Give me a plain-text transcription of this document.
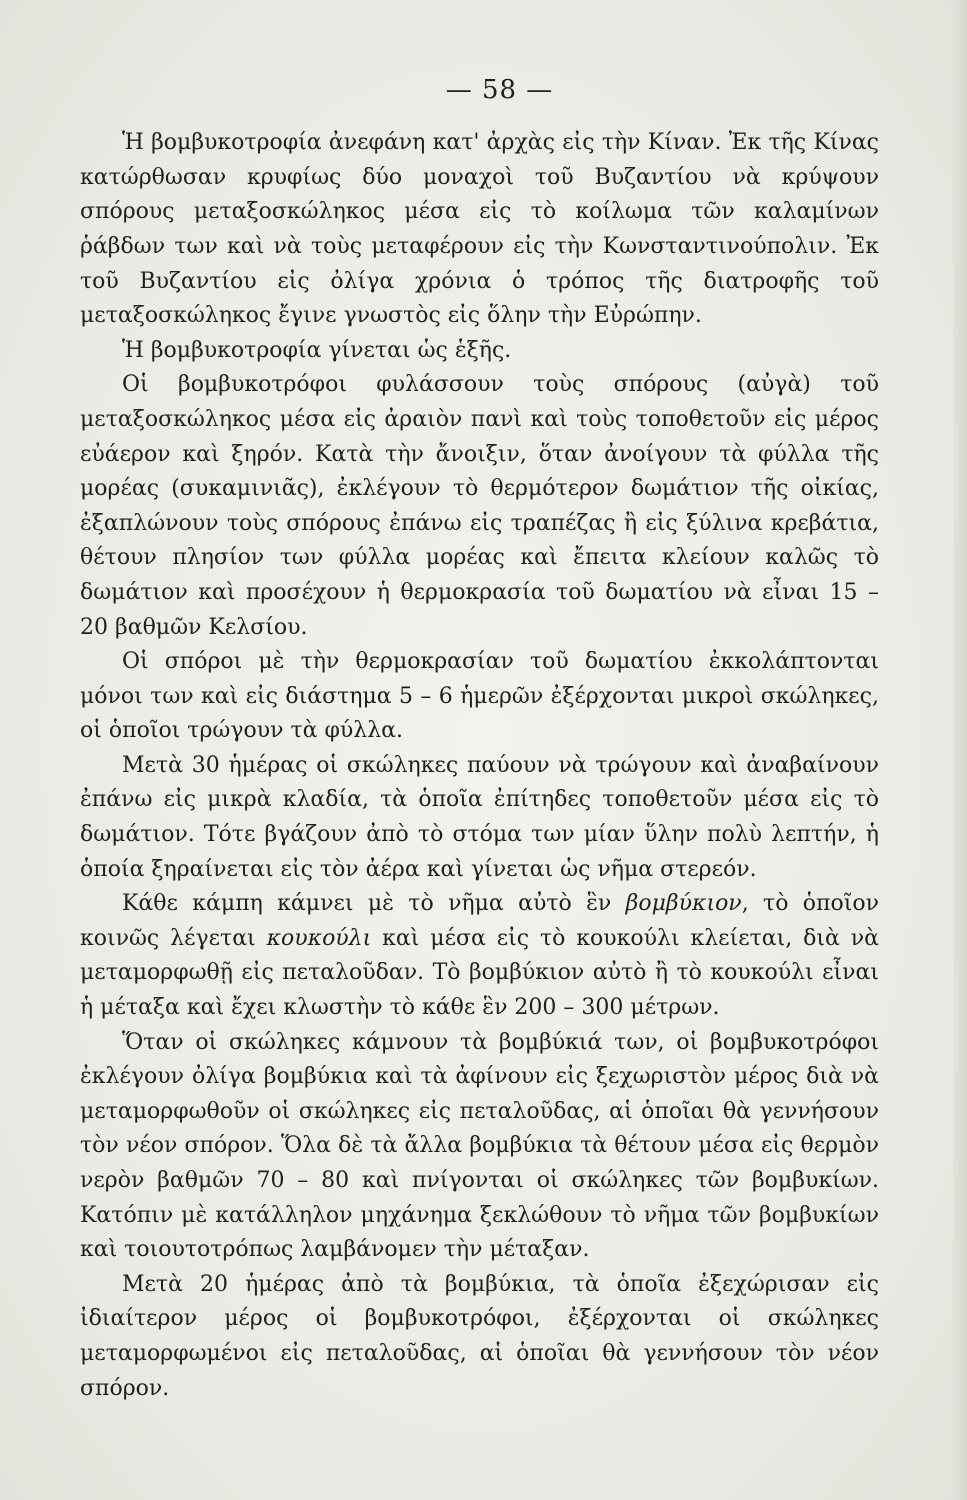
— 58 —

Ἡ βομβυκοτροφία ἀνεφάνη κατ' ἀρχὰς εἰς τὴν Κίναν. Ἐκ τῆς Κίνας κατώρθωσαν κρυφίως δύο μοναχοὶ τοῦ Βυζαντίου νὰ κρύψουν σπόρους μεταξοσκώληκος μέσα εἰς τὸ κοίλωμα τῶν καλαμίνων ῥάβδων των καὶ νὰ τοὺς μεταφέρουν εἰς τὴν Κωνσταντινούπολιν. Ἐκ τοῦ Βυζαντίου εἰς ὀλίγα χρόνια ὁ τρόπος τῆς διατροφῆς τοῦ μεταξοσκώληκος ἔγινε γνωστὸς εἰς ὅλην τὴν Εὐρώπην.

Ἡ βομβυκοτροφία γίνεται ὡς ἑξῆς.

Οἱ βομβυκοτρόφοι φυλάσσουν τοὺς σπόρους (αὐγὰ) τοῦ μεταξοσκώληκος μέσα εἰς ἀραιὸν πανὶ καὶ τοὺς τοποθετοῦν εἰς μέρος εὐάερον καὶ ξηρόν. Κατὰ τὴν ἄνοιξιν, ὅταν ἀνοίγουν τὰ φύλλα τῆς μορέας (συκαμινιᾶς), ἐκλέγουν τὸ θερμότερον δωμάτιον τῆς οἰκίας, ἐξαπλώνουν τοὺς σπόρους ἐπάνω εἰς τραπέζας ἢ εἰς ξύλινα κρεβάτια, θέτουν πλησίον των φύλλα μορέας καὶ ἔπειτα κλείουν καλῶς τὸ δωμάτιον καὶ προσέχουν ἡ θερμοκρασία τοῦ δωματίου νὰ εἶναι 15 – 20 βαθμῶν Κελσίου.

Οἱ σπόροι μὲ τὴν θερμοκρασίαν τοῦ δωματίου ἐκκολάπτονται μόνοι των καὶ εἰς διάστημα 5 – 6 ἡμερῶν ἐξέρχονται μικροὶ σκώληκες, οἱ ὁποῖοι τρώγουν τὰ φύλλα.

Μετὰ 30 ἡμέρας οἱ σκώληκες παύουν νὰ τρώγουν καὶ ἀναβαίνουν ἐπάνω εἰς μικρὰ κλαδία, τὰ ὁποῖα ἐπίτηδες τοποθετοῦν μέσα εἰς τὸ δωμάτιον. Τότε βγάζουν ἀπὸ τὸ στόμα των μίαν ὕλην πολὺ λεπτήν, ἡ ὁποία ξηραίνεται εἰς τὸν ἀέρα καὶ γίνεται ὡς νῆμα στερεόν.

Κάθε κάμπη κάμνει μὲ τὸ νῆμα αὐτὸ ἓν βομβύκιον, τὸ ὁποῖον κοινῶς λέγεται κουκούλι καὶ μέσα εἰς τὸ κουκούλι κλείεται, διὰ νὰ μεταμορφωθῇ εἰς πεταλοῦδαν. Τὸ βομβύκιον αὐτὸ ἢ τὸ κουκούλι εἶναι ἡ μέταξα καὶ ἔχει κλωστὴν τὸ κάθε ἓν 200 – 300 μέτρων.

Ὅταν οἱ σκώληκες κάμνουν τὰ βομβύκιά των, οἱ βομβυκοτρόφοι ἐκλέγουν ὀλίγα βομβύκια καὶ τὰ ἀφίνουν εἰς ξεχωριστὸν μέρος διὰ νὰ μεταμορφωθοῦν οἱ σκώληκες εἰς πεταλοῦδας, αἱ ὁποῖαι θὰ γεννήσουν τὸν νέον σπόρον. Ὅλα δὲ τὰ ἄλλα βομβύκια τὰ θέτουν μέσα εἰς θερμὸν νερὸν βαθμῶν 70 – 80 καὶ πνίγονται οἱ σκώληκες τῶν βομβυκίων. Κατόπιν μὲ κατάλληλον μηχάνημα ξεκλώθουν τὸ νῆμα τῶν βομβυκίων καὶ τοιουτοτρόπως λαμβάνομεν τὴν μέταξαν.

Μετὰ 20 ἡμέρας ἀπὸ τὰ βομβύκια, τὰ ὁποῖα ἐξεχώρισαν εἰς ἰδιαίτερον μέρος οἱ βομβυκοτρόφοι, ἐξέρχονται οἱ σκώληκες μεταμορφωμένοι εἰς πεταλοῦδας, αἱ ὁποῖαι θὰ γεννήσουν τὸν νέον σπόρον.
